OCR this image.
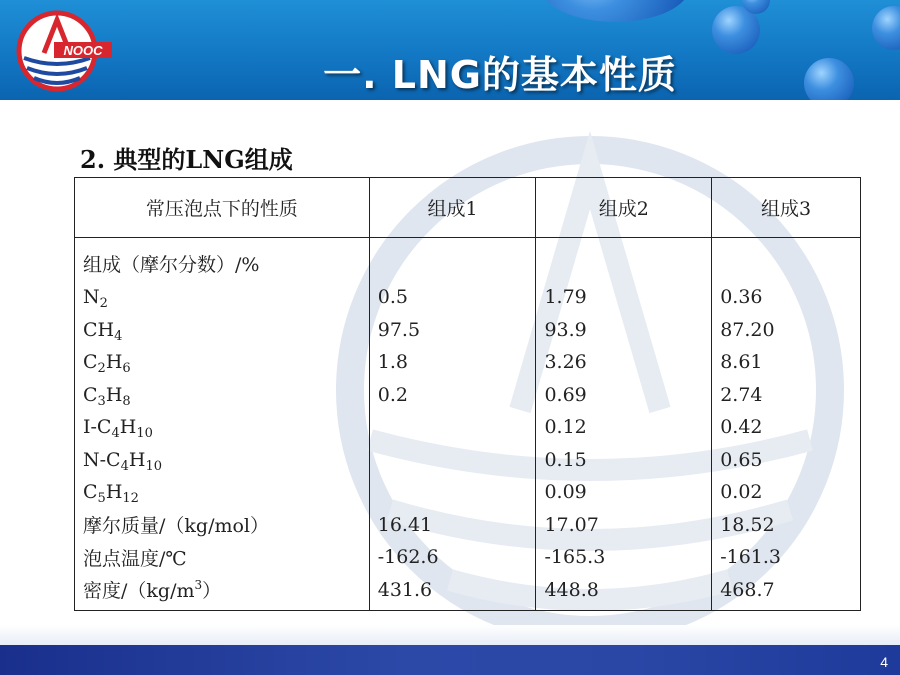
一. LNG的基本性质
NOOC
2. 典型的LNG组成
常压泡点下的性质	组成1	组成2	组成3
组成（摩尔分数）/%			
$N_2$	0.5	1.79	0.36
$CH_4$	97.5	93.9	87.20
$C_2H_6$	1.8	3.26	8.61
$C_3H_8$	0.2	0.69	2.74
$I-C_4H_{10}$		0.12	0.42
$N-C_4H_{10}$		0.15	0.65
$C_5H_{12}$		0.09	0.02
摩尔质量/（kg/mol）	16.41	17.07	18.52
泡点温度/℃	-162.6	-165.3	-161.3
密度$/(kg/m^3)$	431.6	448.8	468.7
4
